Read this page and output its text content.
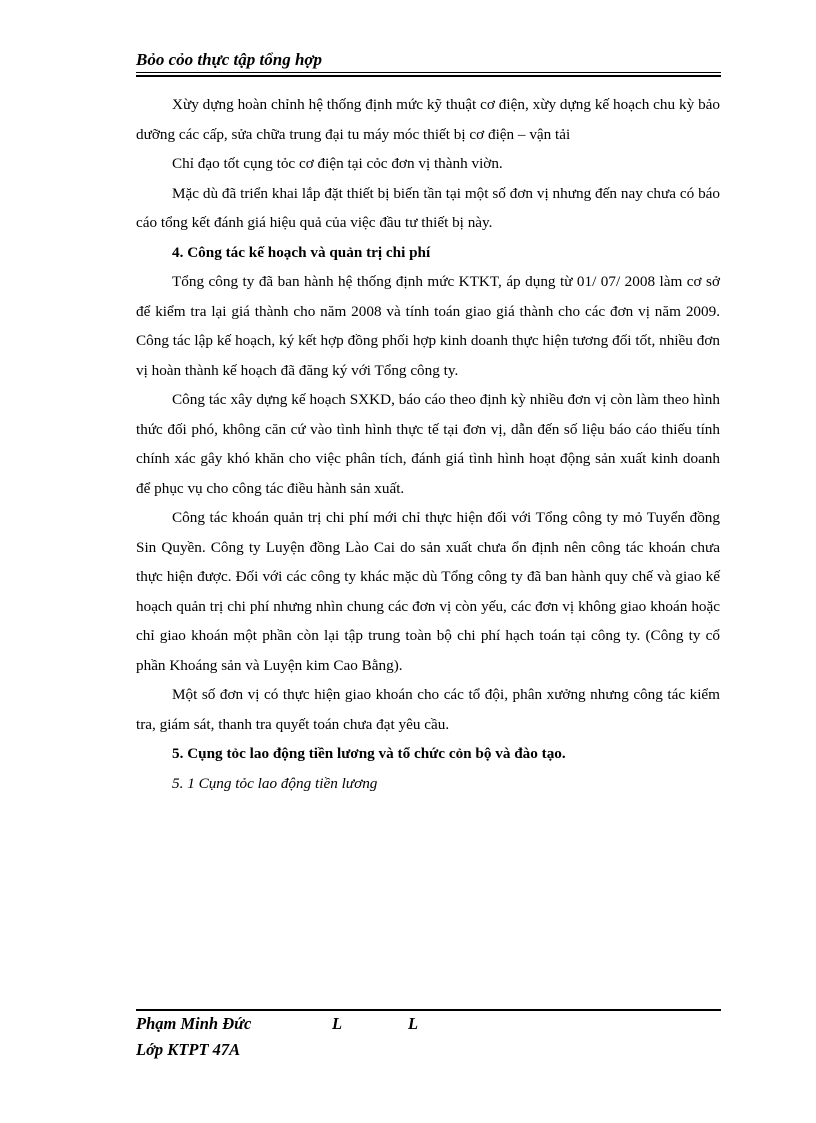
Bỏo cỏo thực tập tổng hợp

Xừy dựng hoàn chỉnh hệ thống định mức kỹ thuật cơ điện, xừy dựng kế hoạch chu kỳ bảo dưỡng các cấp, sửa chữa trung đại tu máy móc thiết bị cơ điện – vận tải

Chỉ đạo tốt cụng tỏc cơ điện tại cỏc đơn vị thành viờn.

Mặc dù đã triển khai lắp đặt thiết bị biến tần tại một số đơn vị nhưng đến nay chưa có báo cáo tổng kết đánh giá hiệu quả của việc đầu tư thiết bị này.

4. Công tác kế hoạch và quản trị chi phí

Tổng công ty đã ban hành hệ thống định mức KTKT, áp dụng từ 01/ 07/ 2008 làm cơ sở để kiểm tra lại giá thành cho năm 2008 và tính toán giao giá thành cho các đơn vị năm 2009. Công tác lập kế hoạch, ký kết hợp đồng phối hợp kinh doanh thực hiện tương đối tốt, nhiều đơn vị hoàn thành kế hoạch đã đăng ký với Tổng công ty.

Công tác xây dựng kế hoạch SXKD, báo cáo theo định kỳ nhiều đơn vị còn làm theo hình thức đối phó, không căn cứ vào tình hình thực tế tại đơn vị, dẫn đến số liệu báo cáo thiếu tính chính xác gây khó khăn cho việc phân tích, đánh giá tình hình hoạt động sản xuất kinh doanh để phục vụ cho công tác điều hành sản xuất.

Công tác khoán quản trị chi phí mới chỉ thực hiện đối với Tổng công ty mỏ Tuyển đồng Sin Quyền. Công ty Luyện đồng Lào Cai do sản xuất chưa ổn định nên công tác khoán chưa thực hiện được. Đối với các công ty khác mặc dù Tổng công ty đã ban hành quy chế và giao kế hoạch quản trị chi phí nhưng nhìn chung các đơn vị còn yếu, các đơn vị không giao khoán hoặc chỉ giao khoán một phần còn lại tập trung toàn bộ chi phí hạch toán tại công ty. (Công ty cổ phần Khoáng sản và Luyện kim Cao Bằng).

Một số đơn vị có thực hiện giao khoán cho các tổ đội, phân xưởng nhưng công tác kiểm tra, giám sát, thanh tra quyết toán chưa đạt yêu cầu.

5. Cụng tỏc lao động tiền lương và tổ chức cỏn bộ và đào tạo.

5. 1 Cụng tỏc lao động tiền lương

Phạm Minh Đức	L	L
Lớp KTPT 47A
